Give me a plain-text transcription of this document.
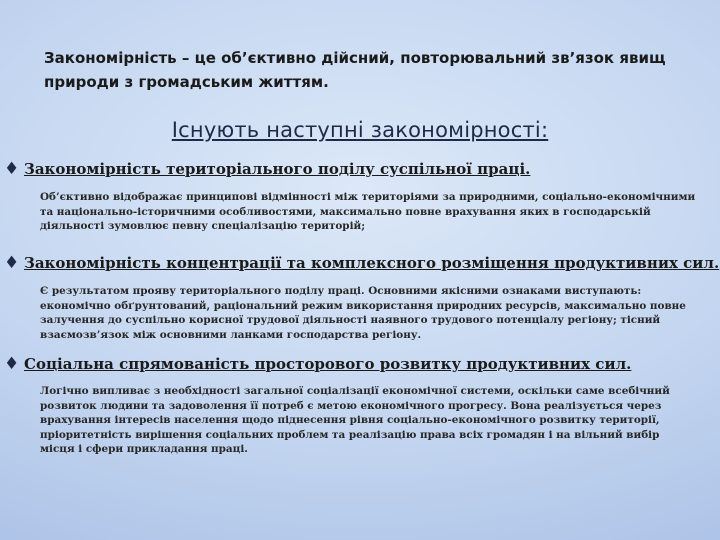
Закономірність – це об’єктивно дійсний, повторювальний зв’язок явищ природи з громадським життям.
Існують наступні закономірності:
♦ Закономірність територіального поділу суспільної праці.
Об’єктивно відображає принципові відмінності між територіями за природними, соціально-економічними та національно-історичними особливостями, максимально повне врахування яких в господарській діяльності зумовлює певну спеціалізацію територій;
♦ Закономірність концентрації та комплексного розміщення продуктивних сил.
Є результатом прояву територіального поділу праці. Основними якісними ознаками виступають: економічно обґрунтований, раціональний режим використання природних ресурсів, максимально повне залучення до суспільно корисної трудової діяльності наявного трудового потенціалу регіону; тісний взаємозв’язок між основними ланками господарства регіону.
♦ Соціальна спрямованість просторового розвитку продуктивних сил.
Логічно випливає з необхідності загальної соціалізації економічної системи, оскільки саме всебічний розвиток людини та задоволення її потреб є метою економічного прогресу. Вона реалізується через врахування інтересів населення щодо піднесення рівня соціально-економічного розвитку території, пріоритетність вирішення соціальних проблем та реалізацію права всіх громадян і на вільний вибір місця і сфери прикладання праці.
